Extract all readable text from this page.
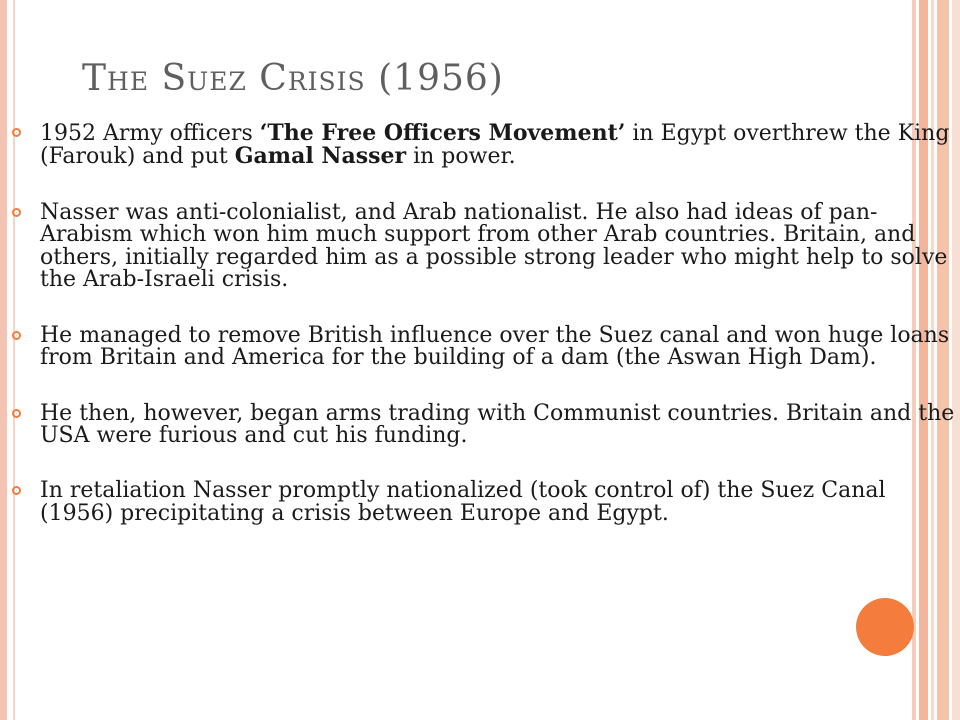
The Suez Crisis (1956)
1952 Army officers ‘The Free Officers Movement’ in Egypt overthrew the King (Farouk) and put Gamal Nasser in power.
Nasser was anti-colonialist, and Arab nationalist. He also had ideas of pan-Arabism which won him much support from other Arab countries. Britain, and others, initially regarded him as a possible strong leader who might help to solve the Arab-Israeli crisis.
He managed to remove British influence over the Suez canal and won huge loans from Britain and America for the building of a dam (the Aswan High Dam).
He then, however, began arms trading with Communist countries. Britain and the USA were furious and cut his funding.
In retaliation Nasser promptly nationalized (took control of) the Suez Canal (1956) precipitating a crisis between Europe and Egypt.
